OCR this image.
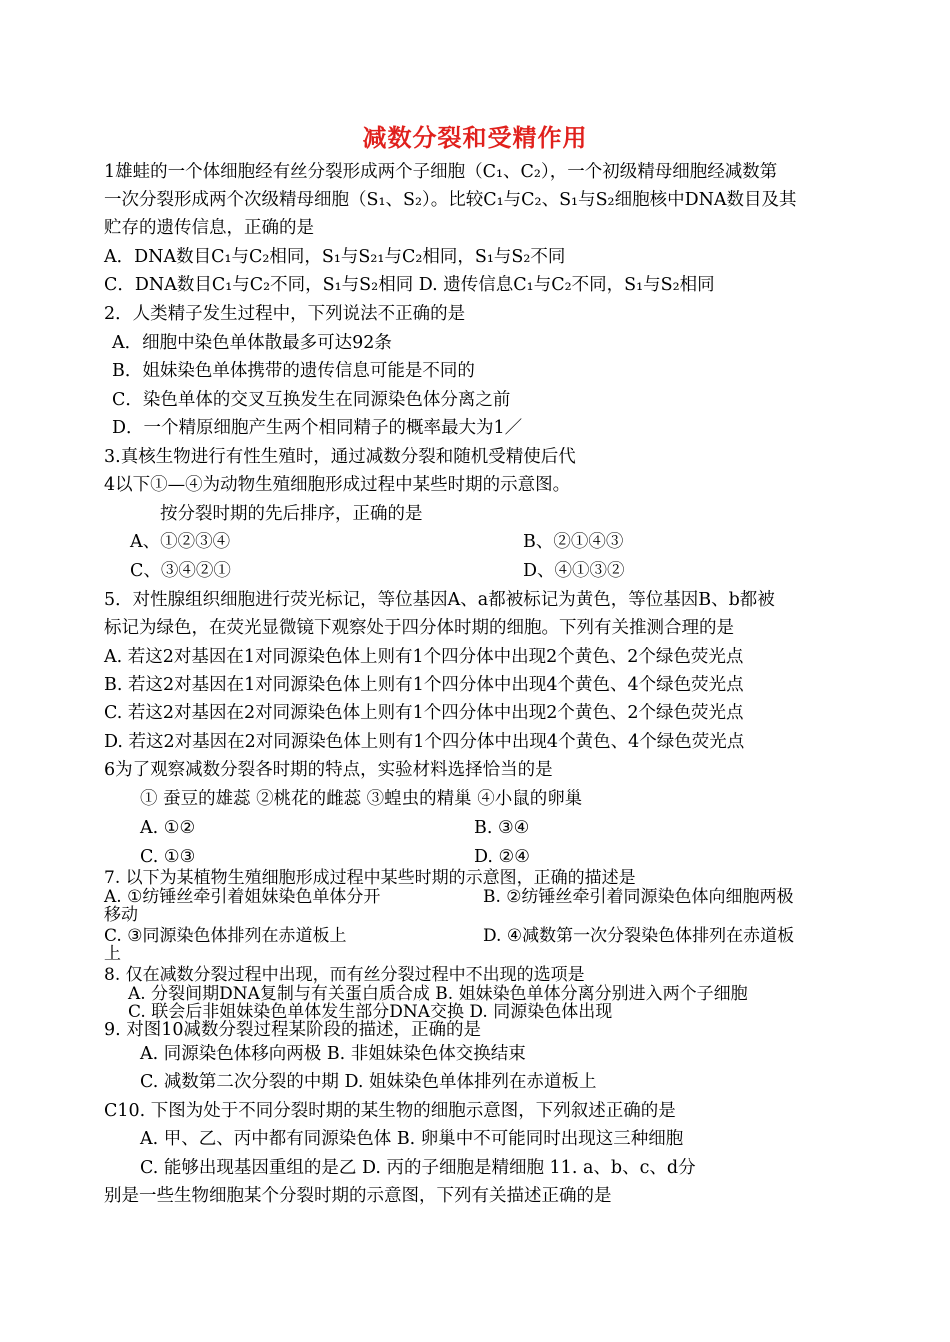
减数分裂和受精作用
1雄蛙的一个体细胞经有丝分裂形成两个子细胞（C₁、C₂），一个初级精母细胞经减数第
一次分裂形成两个次级精母细胞（S₁、S₂）。比较C₁与C₂、S₁与S₂细胞核中DNA数目及其
贮存的遗传信息，正确的是
A．DNA数目C₁与C₂相同，S₁与S₂₁与C₂相同，S₁与S₂不同
C．DNA数目C₁与C₂不同，S₁与S₂相同 D. 遗传信息C₁与C₂不同，S₁与S₂相同
2．人类精子发生过程中，下列说法不正确的是
A．细胞中染色单体散最多可达92条
B．姐妹染色单体携带的遗传信息可能是不同的
C．染色单体的交叉互换发生在同源染色体分离之前
D．一个精原细胞产生两个相同精子的概率最大为1／
3.真核生物进行有性生殖时，通过减数分裂和随机受精使后代
4以下①—④为动物生殖细胞形成过程中某些时期的示意图。
按分裂时期的先后排序，正确的是
A、①②③④	B、②①④③
C、③④②①	D、④①③②
5．对性腺组织细胞进行荧光标记，等位基因A、a都被标记为黄色，等位基因B、b都被
标记为绿色，在荧光显微镜下观察处于四分体时期的细胞。下列有关推测合理的是
A. 若这2对基因在1对同源染色体上则有1个四分体中出现2个黄色、2个绿色荧光点
B. 若这2对基因在1对同源染色体上则有1个四分体中出现4个黄色、4个绿色荧光点
C. 若这2对基因在2对同源染色体上则有1个四分体中出现2个黄色、2个绿色荧光点
D. 若这2对基因在2对同源染色体上则有1个四分体中出现4个黄色、4个绿色荧光点
6为了观察减数分裂各时期的特点，实验材料选择恰当的是
① 蚕豆的雄蕊 ②桃花的雌蕊 ③蝗虫的精巢 ④小鼠的卵巢
A. ①②	B. ③④
C. ①③	D. ②④
7. 以下为某植物生殖细胞形成过程中某些时期的示意图，正确的描述是
A. ①纺锤丝牵引着姐妹染色单体分开	B. ②纺锤丝牵引着同源染色体向细胞两极
移动
C. ③同源染色体排列在赤道板上	D. ④减数第一次分裂染色体排列在赤道板
上
8. 仅在减数分裂过程中出现，而有丝分裂过程中不出现的选项是
A. 分裂间期DNA复制与有关蛋白质合成 B. 姐妹染色单体分离分别进入两个子细胞
C. 联会后非姐妹染色单体发生部分DNA交换 D. 同源染色体出现
9. 对图10减数分裂过程某阶段的描述，正确的是
A. 同源染色体移向两极 B. 非姐妹染色体交换结束
C. 减数第二次分裂的中期 D. 姐妹染色单体排列在赤道板上
C10. 下图为处于不同分裂时期的某生物的细胞示意图，下列叙述正确的是
A. 甲、乙、丙中都有同源染色体 B. 卵巢中不可能同时出现这三种细胞
C. 能够出现基因重组的是乙 D. 丙的子细胞是精细胞 11. a、b、c、d分
别是一些生物细胞某个分裂时期的示意图，下列有关描述正确的是
